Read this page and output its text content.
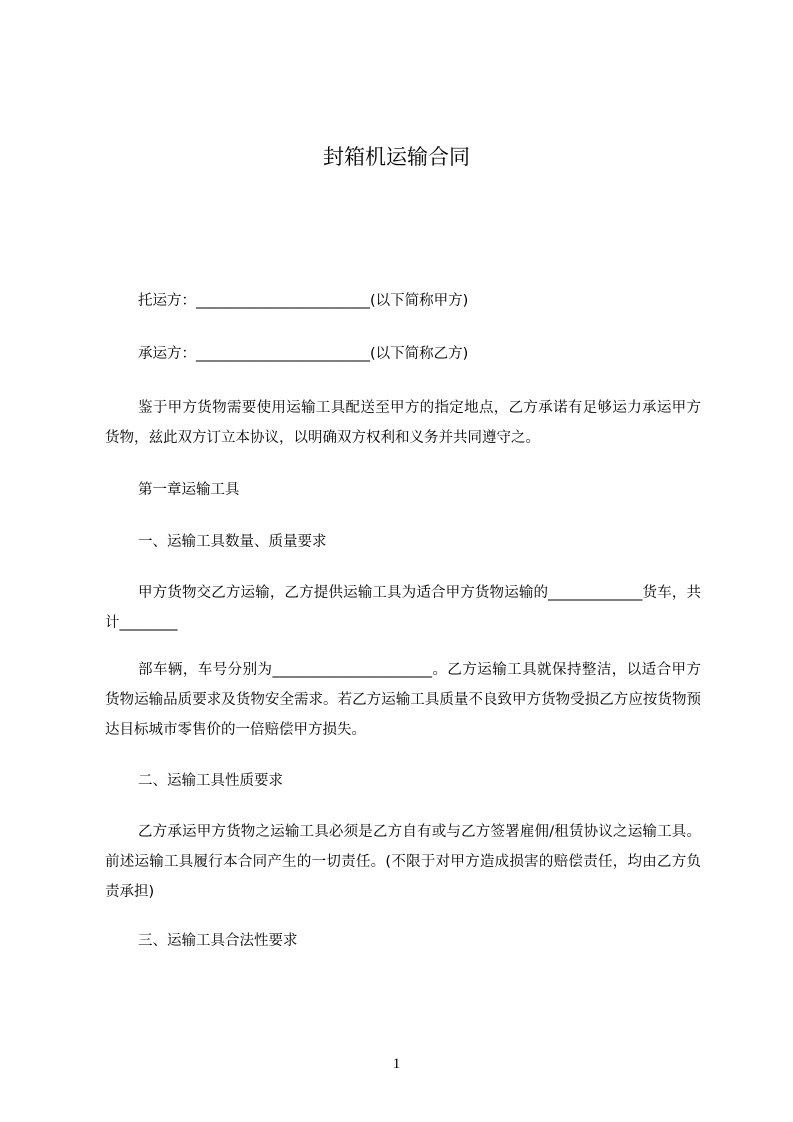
封箱机运输合同

托运方：________________________(以下简称甲方)

承运方：________________________(以下简称乙方)

鉴于甲方货物需要使用运输工具配送至甲方的指定地点，乙方承诺有足够运力承运甲方货物，兹此双方订立本协议，以明确双方权利和义务并共同遵守之。

第一章运输工具

一、运输工具数量、质量要求

甲方货物交乙方运输，乙方提供运输工具为适合甲方货物运输的_____________货车，共计________

部车辆，车号分别为______________________。乙方运输工具就保持整洁，以适合甲方货物运输品质要求及货物安全需求。若乙方运输工具质量不良致甲方货物受损乙方应按货物预达目标城市零售价的一倍赔偿甲方损失。

二、运输工具性质要求

乙方承运甲方货物之运输工具必须是乙方自有或与乙方签署雇佣/租赁协议之运输工具。前述运输工具履行本合同产生的一切责任。(不限于对甲方造成损害的赔偿责任，均由乙方负责承担)

三、运输工具合法性要求

1
